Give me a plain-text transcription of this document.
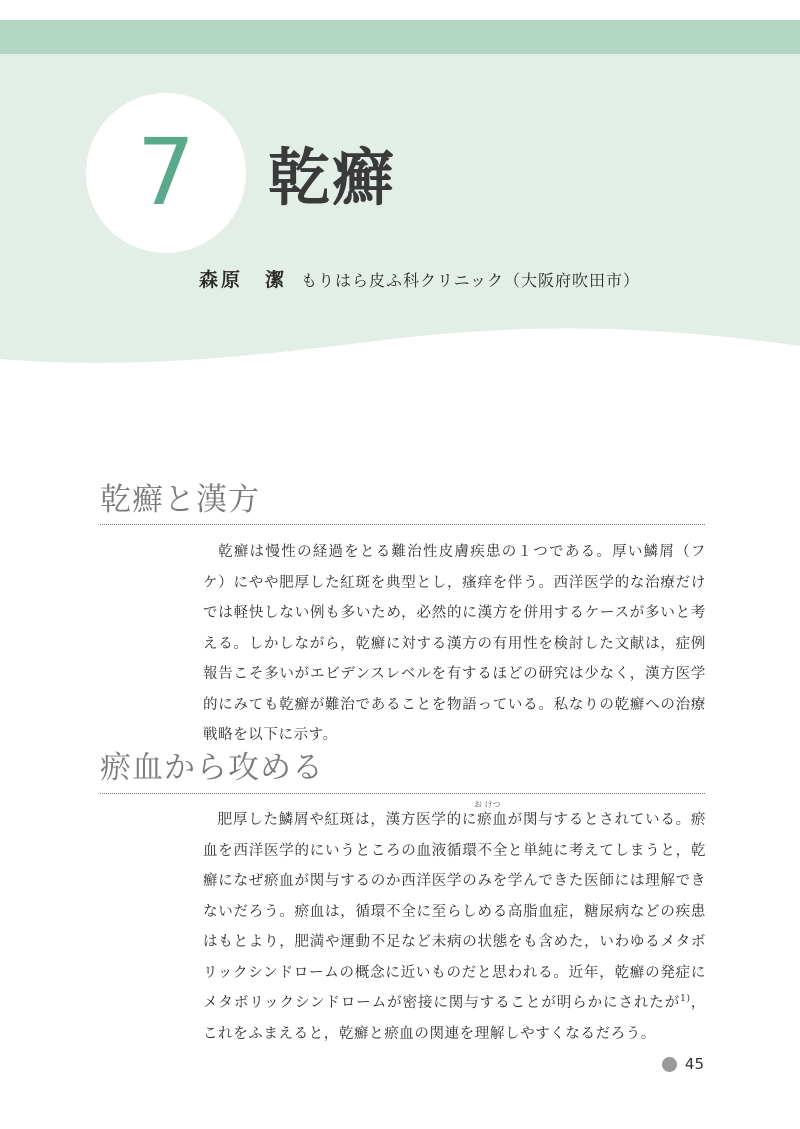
7	乾癬
森原　潔 もりはら皮ふ科クリニック（大阪府吹田市）
乾癬と漢方

乾癬は慢性の経過をとる難治性皮膚疾患の１つである。厚い鱗屑（フケ）にやや肥厚した紅斑を典型とし，瘙痒を伴う。西洋医学的な治療だけでは軽快しない例も多いため，必然的に漢方を併用するケースが多いと考える。しかしながら，乾癬に対する漢方の有用性を検討した文献は，症例報告こそ多いがエビデンスレベルを有するほどの研究は少なく，漢方医学的にみても乾癬が難治であることを物語っている。私なりの乾癬への治療戦略を以下に示す。

瘀血から攻める
お けつ

肥厚した鱗屑や紅斑は，漢方医学的に瘀血が関与するとされている。瘀血を西洋医学的にいうところの血液循環不全と単純に考えてしまうと，乾癬になぜ瘀血が関与するのか西洋医学のみを学んできた医師には理解できないだろう。瘀血は，循環不全に至らしめる高脂血症，糖尿病などの疾患はもとより，肥満や運動不足など未病の状態をも含めた，いわゆるメタボリックシンドロームの概念に近いものだと思われる。近年，乾癬の発症にメタボリックシンドロームが密接に関与することが明らかにされたが$^{1)}$，これをふまえると，乾癬と瘀血の関連を理解しやすくなるだろう。

45
